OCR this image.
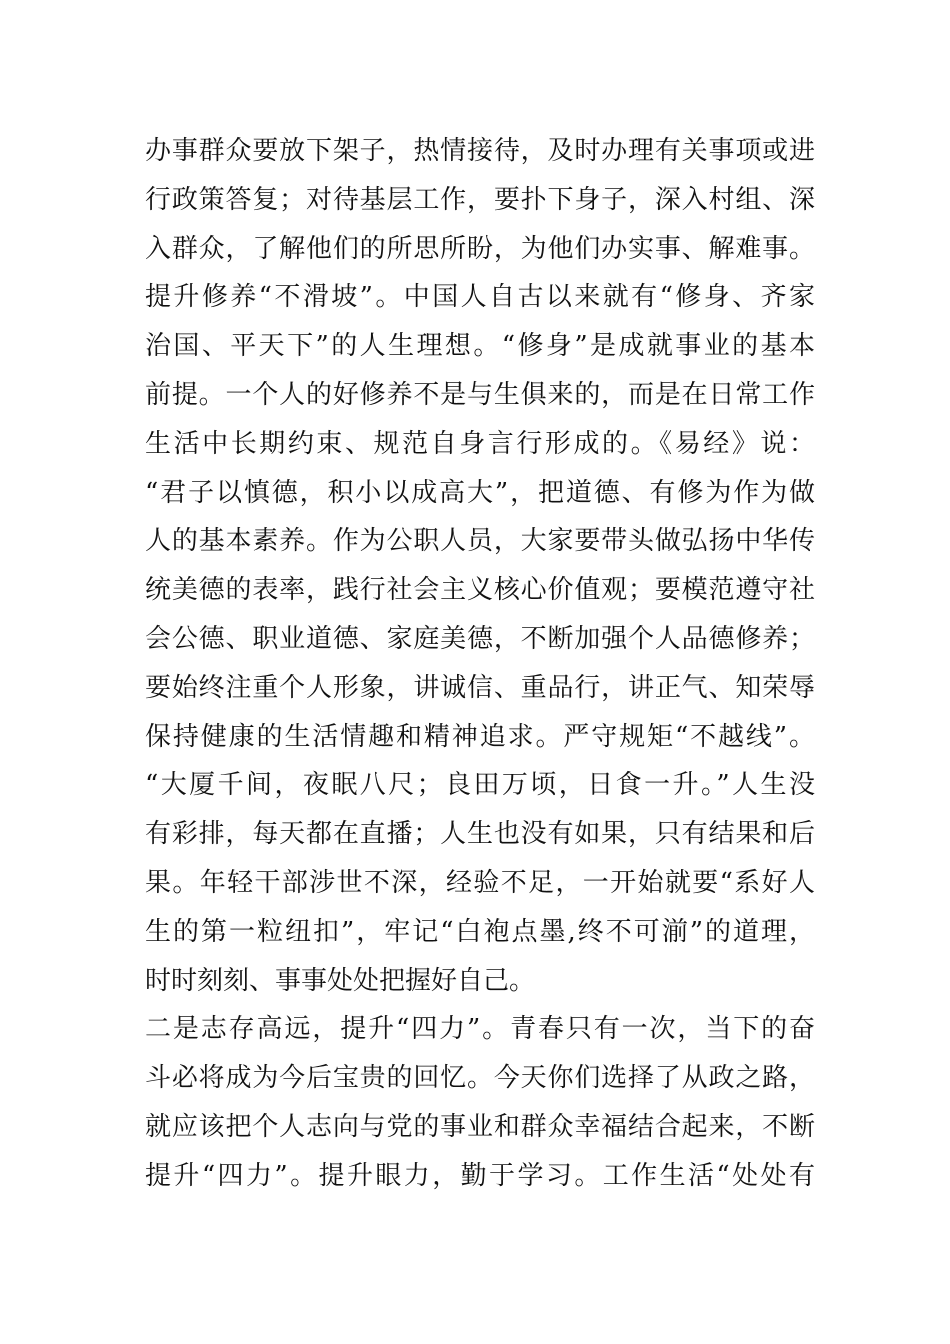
办事群众要放下架子，热情接待，及时办理有关事项或进
行政策答复；对待基层工作，要扑下身子，深入村组、深
入群众，了解他们的所思所盼，为他们办实事、解难事。
提升修养“不滑坡”。中国人自古以来就有“修身、齐家
治国、平天下”的人生理想。“修身”是成就事业的基本
前提。一个人的好修养不是与生俱来的，而是在日常工作
生活中长期约束、规范自身言行形成的。《易经》说：
“君子以慎德，积小以成高大”，把道德、有修为作为做
人的基本素养。作为公职人员，大家要带头做弘扬中华传
统美德的表率，践行社会主义核心价值观；要模范遵守社
会公德、职业道德、家庭美德，不断加强个人品德修养；
要始终注重个人形象，讲诚信、重品行，讲正气、知荣辱
保持健康的生活情趣和精神追求。严守规矩“不越线”。
“大厦千间，夜眠八尺；良田万顷，日食一升。”人生没
有彩排，每天都在直播；人生也没有如果，只有结果和后
果。年轻干部涉世不深，经验不足，一开始就要“系好人
生的第一粒纽扣”，牢记“白袍点墨,终不可湔”的道理，
时时刻刻、事事处处把握好自己。
二是志存高远，提升“四力”。青春只有一次，当下的奋
斗必将成为今后宝贵的回忆。今天你们选择了从政之路，
就应该把个人志向与党的事业和群众幸福结合起来，不断
提升“四力”。提升眼力，勤于学习。工作生活“处处有
